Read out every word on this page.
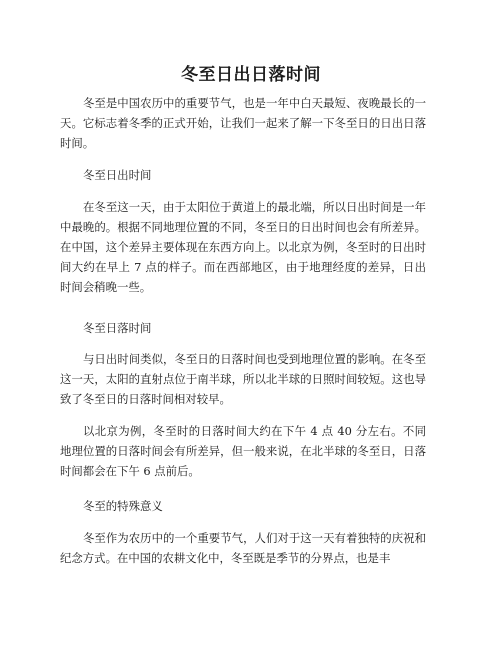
冬至日出日落时间

冬至是中国农历中的重要节气，也是一年中白天最短、夜晚最长的一天。它标志着冬季的正式开始，让我们一起来了解一下冬至日的日出日落时间。

冬至日出时间

在冬至这一天，由于太阳位于黄道上的最北端，所以日出时间是一年中最晚的。根据不同地理位置的不同，冬至日的日出时间也会有所差异。在中国，这个差异主要体现在东西方向上。以北京为例，冬至时的日出时间大约在早上 7 点的样子。而在西部地区，由于地理经度的差异，日出时间会稍晚一些。

冬至日落时间

与日出时间类似，冬至日的日落时间也受到地理位置的影响。在冬至这一天，太阳的直射点位于南半球，所以北半球的日照时间较短。这也导致了冬至日的日落时间相对较早。

以北京为例，冬至时的日落时间大约在下午 4 点 40 分左右。不同地理位置的日落时间会有所差异，但一般来说，在北半球的冬至日，日落时间都会在下午 6 点前后。

冬至的特殊意义

冬至作为农历中的一个重要节气，人们对于这一天有着独特的庆祝和纪念方式。在中国的农耕文化中，冬至既是季节的分界点，也是丰
